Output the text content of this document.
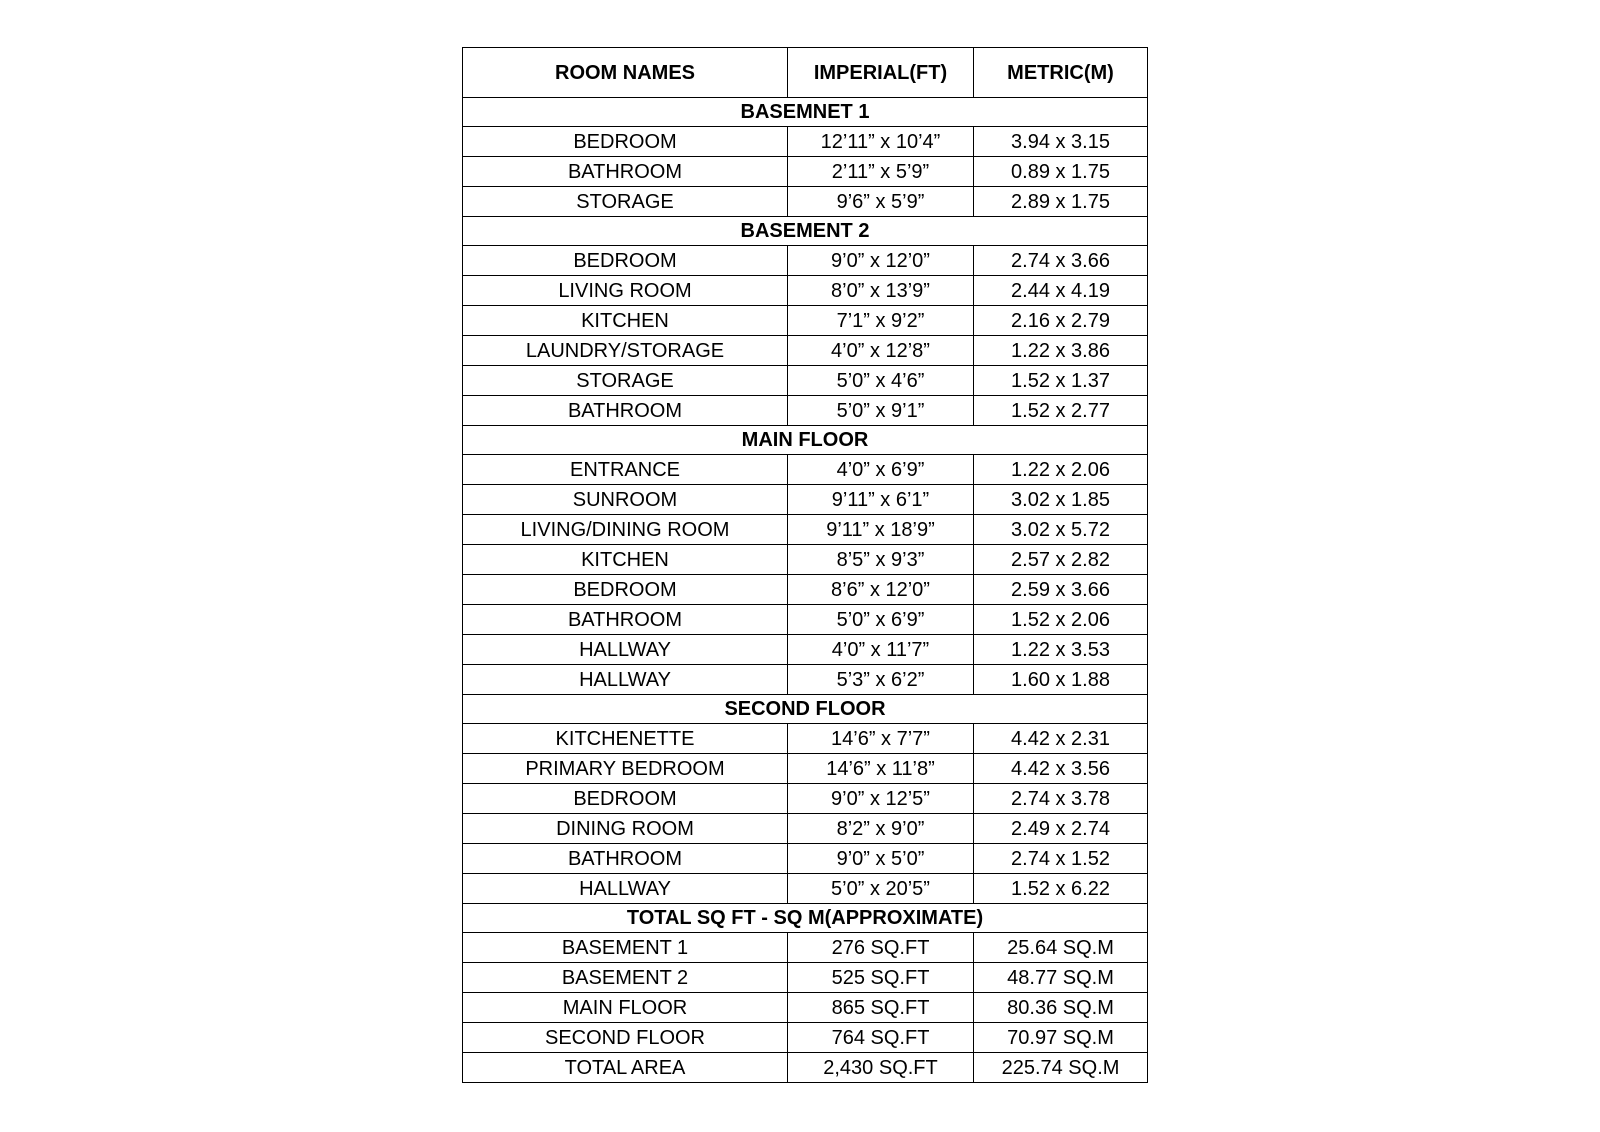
ROOM NAMES	IMPERIAL(FT)	METRIC(M)
BASEMNET 1		
BEDROOM	12’11” x 10’4”	3.94 x 3.15
BATHROOM	2’11” x 5’9”	0.89 x 1.75
STORAGE	9’6” x 5’9”	2.89 x 1.75
BASEMENT 2		
BEDROOM	9’0” x 12’0”	2.74 x 3.66
LIVING ROOM	8’0” x 13’9”	2.44 x 4.19
KITCHEN	7’1” x 9’2”	2.16 x 2.79
LAUNDRY/STORAGE	4’0” x 12’8”	1.22 x 3.86
STORAGE	5’0” x 4’6”	1.52 x 1.37
BATHROOM	5’0” x 9’1”	1.52 x 2.77
MAIN FLOOR		
ENTRANCE	4’0” x 6’9”	1.22 x 2.06
SUNROOM	9’11” x 6’1”	3.02 x 1.85
LIVING/DINING ROOM	9’11” x 18’9”	3.02 x 5.72
KITCHEN	8’5” x 9’3”	2.57 x 2.82
BEDROOM	8’6” x 12’0”	2.59 x 3.66
BATHROOM	5’0” x 6’9”	1.52 x 2.06
HALLWAY	4’0” x 11’7”	1.22 x 3.53
HALLWAY	5’3” x 6’2”	1.60 x 1.88
SECOND FLOOR		
KITCHENETTE	14’6” x 7’7”	4.42 x 2.31
PRIMARY BEDROOM	14’6” x 11’8”	4.42 x 3.56
BEDROOM	9’0” x 12’5”	2.74 x 3.78
DINING ROOM	8’2” x 9’0”	2.49 x 2.74
BATHROOM	9’0” x 5’0”	2.74 x 1.52
HALLWAY	5’0” x 20’5”	1.52 x 6.22
TOTAL SQ FT - SQ M(APPROXIMATE)		
BASEMENT 1	276 SQ.FT	25.64 SQ.M
BASEMENT 2	525 SQ.FT	48.77 SQ.M
MAIN FLOOR	865 SQ.FT	80.36 SQ.M
SECOND FLOOR	764 SQ.FT	70.97 SQ.M
TOTAL AREA	2,430 SQ.FT	225.74 SQ.M
